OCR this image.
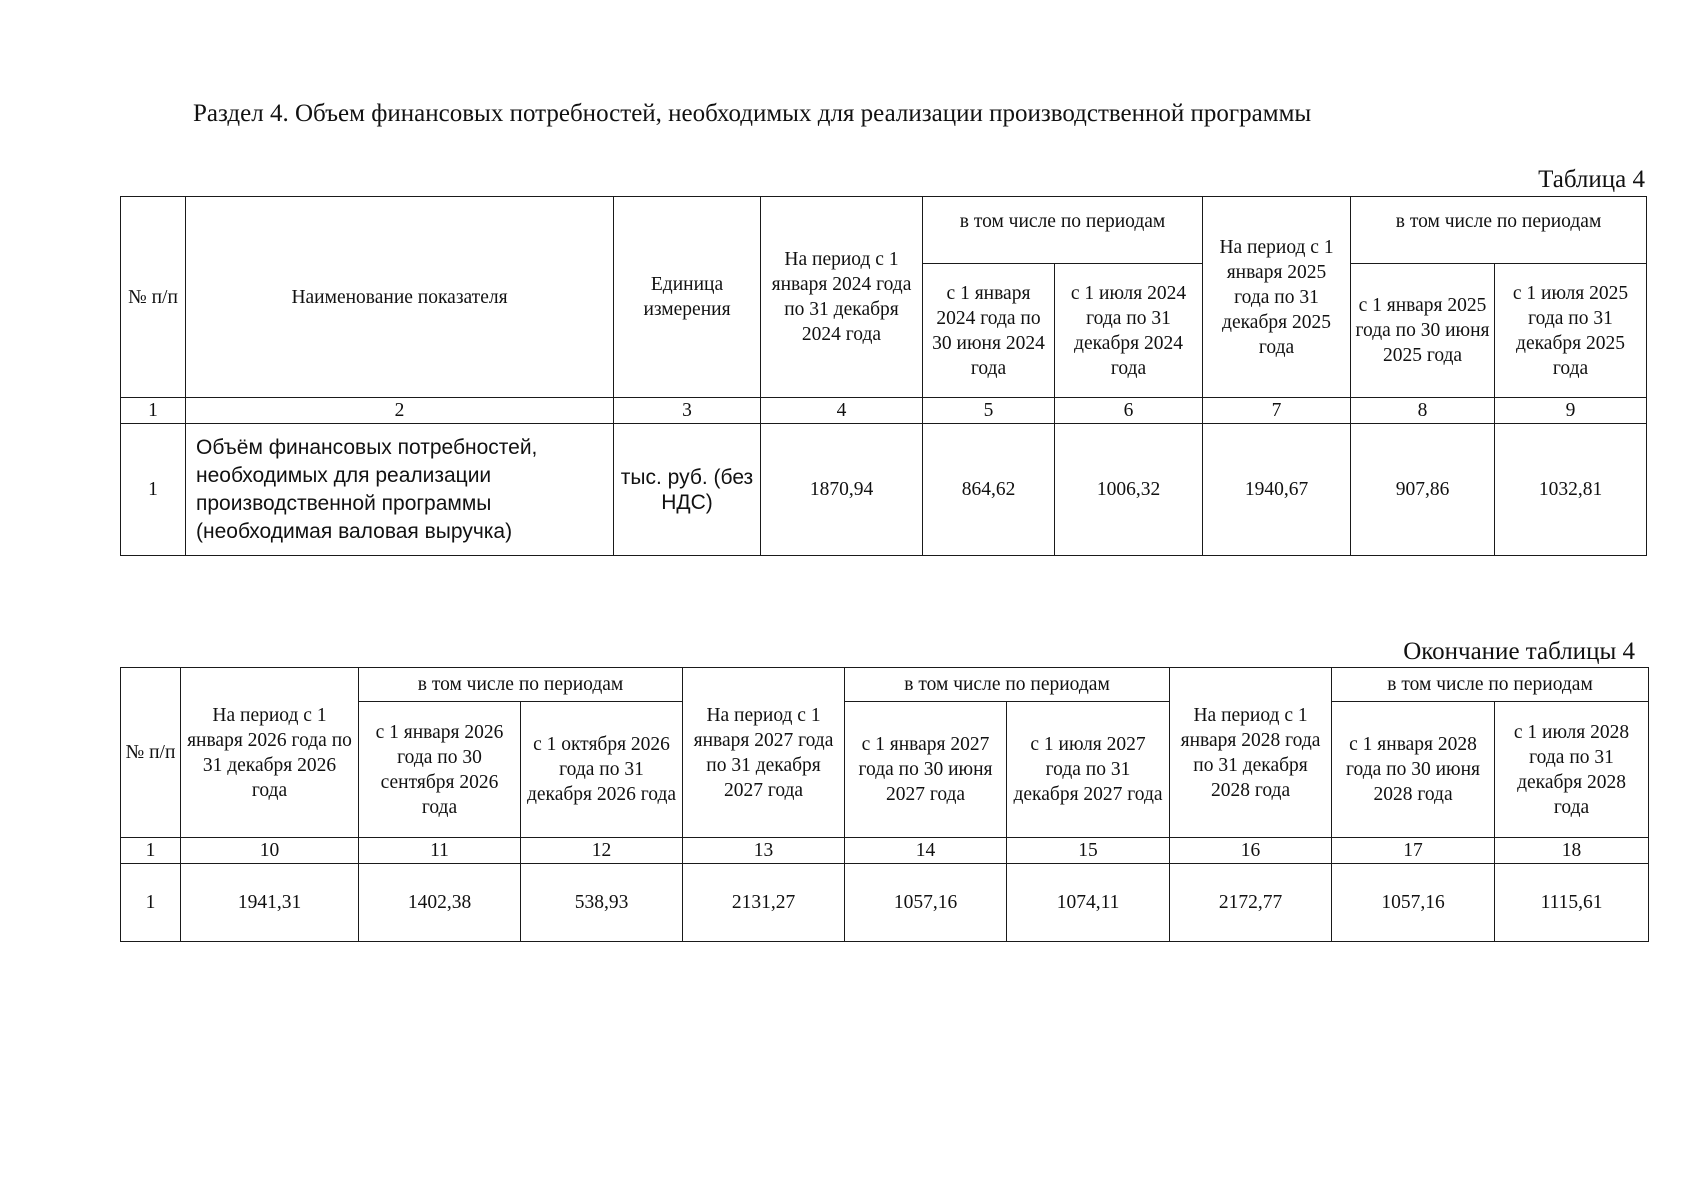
Раздел 4. Объем финансовых потребностей, необходимых для реализации производственной программы
Таблица 4
№ п/п	Наименование показателя	Единица измерения	На период с 1 января 2024 года по 31 декабря 2024 года	в том числе по периодам		На период с 1 января 2025 года по 31 декабря 2025 года	в том числе по периодам	
				с 1 января 2024 года по 30 июня 2024 года	с 1 июля 2024 года по 31 декабря 2024 года		с 1 января 2025 года по 30 июня 2025 года	с 1 июля 2025 года по 31 декабря 2025 года
1	2	3	4	5	6	7	8	9
1	Объём финансовых потребностей, необходимых для реализации производственной программы (необходимая валовая выручка)	тыс. руб. (без НДС)	1870,94	864,62	1006,32	1940,67	907,86	1032,81
Окончание таблицы 4
№ п/п	На период с 1 января 2026 года по 31 декабря 2026 года	в том числе по периодам		На период с 1 января 2027 года по 31 декабря 2027 года	в том числе по периодам		На период с 1 января 2028 года по 31 декабря 2028 года	в том числе по периодам	
		с 1 января 2026 года по 30 сентября 2026 года	с 1 октября 2026 года по 31 декабря 2026 года		с 1 января 2027 года по 30 июня 2027 года	с 1 июля 2027 года по 31 декабря 2027 года		с 1 января 2028 года по 30 июня 2028 года	с 1 июля 2028 года по 31 декабря 2028 года
1	10	11	12	13	14	15	16	17	18
1	1941,31	1402,38	538,93	2131,27	1057,16	1074,11	2172,77	1057,16	1115,61
